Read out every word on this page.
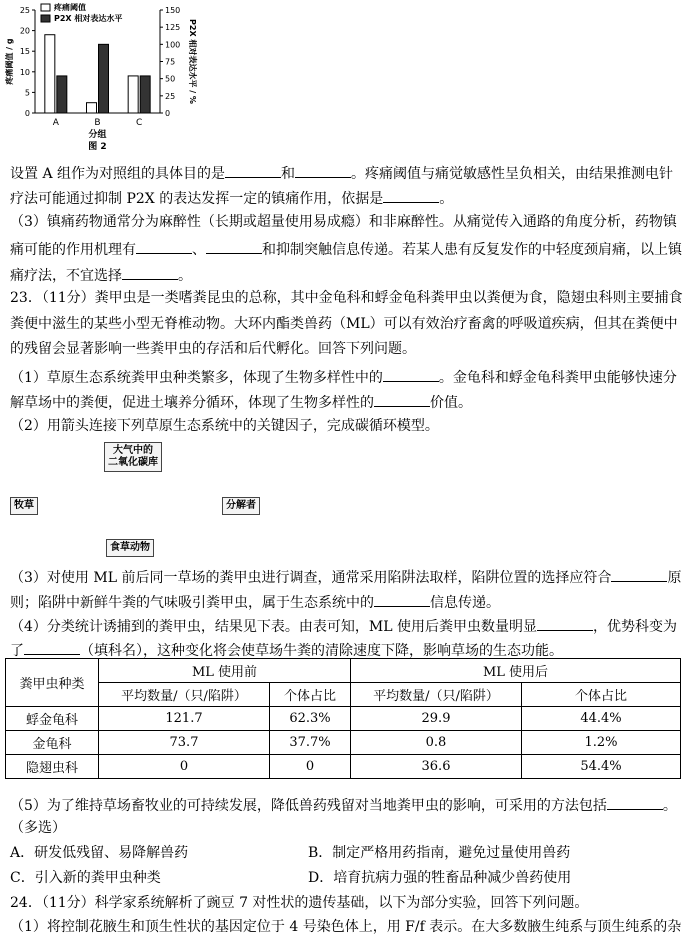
0
5
10
15
20
25
0
25
50
75
100
125
150
A	B	C
疼痛阈值 / g	P2X 相对表达水平 / %
分组
图 2
疼痛阈值
P2X 相对表达水平
设置 A 组作为对照组的具体目的是	和	。疼痛阈值与痛觉敏感性呈负相关，由结果推测电针
疗法可能通过抑制 P2X 的表达发挥一定的镇痛作用，依据是	。
（3）镇痛药物通常分为麻醉性（长期或超量使用易成瘾）和非麻醉性。从痛觉传入通路的角度分析，药物镇
痛可能的作用机理有	、	和抑制突触信息传递。若某人患有反复发作的中轻度颈肩痛，以上镇
痛疗法，不宜选择	。
23．（11分）粪甲虫是一类嗜粪昆虫的总称，其中金龟科和蜉金龟科粪甲虫以粪便为食，隐翅虫科则主要捕食
粪便中滋生的某些小型无脊椎动物。大环内酯类兽药（ML）可以有效治疗畜禽的呼吸道疾病，但其在粪便中
的残留会显著影响一些粪甲虫的存活和后代孵化。回答下列问题。
（1）草原生态系统粪甲虫种类繁多，体现了生物多样性中的	。金龟科和蜉金龟科粪甲虫能够快速分
解草场中的粪便，促进土壤养分循环，体现了生物多样性的	价值。
（2）用箭头连接下列草原生态系统中的关键因子，完成碳循环模型。
大气中的
二氧化碳库
牧草	分解者
食草动物
（3）对使用 ML 前后同一草场的粪甲虫进行调查，通常采用陷阱法取样，陷阱位置的选择应符合	原
则；陷阱中新鲜牛粪的气味吸引粪甲虫，属于生态系统中的	信息传递。
（4）分类统计诱捕到的粪甲虫，结果见下表。由表可知，ML 使用后粪甲虫数量明显	，优势科变为
了	（填科名），这种变化将会使草场牛粪的清除速度下降，影响草场的生态功能。
粪甲虫种类	ML 使用前		ML 使用后	
	平均数量/（只/陷阱）	个体占比	平均数量/（只/陷阱）	个体占比
蜉金龟科	121.7	62.3%	29.9	44.4%
金龟科	73.7	37.7%	0.8	1.2%
隐翅虫科	0	0	36.6	54.4%
（5）为了维持草场畜牧业的可持续发展，降低兽药残留对当地粪甲虫的影响，可采用的方法包括	。
（多选）
A．研发低残留、易降解兽药	B．制定严格用药指南，避免过量使用兽药
C．引入新的粪甲虫种类	D．培育抗病力强的牲畜品种减少兽药使用
24．（11分）科学家系统解析了豌豆 7 对性状的遗传基础，以下为部分实验，回答下列问题。
（1）将控制花腋生和顶生性状的基因定位于 4 号染色体上，用 F/f 表示。在大多数腋生纯系与顶生纯系的杂
